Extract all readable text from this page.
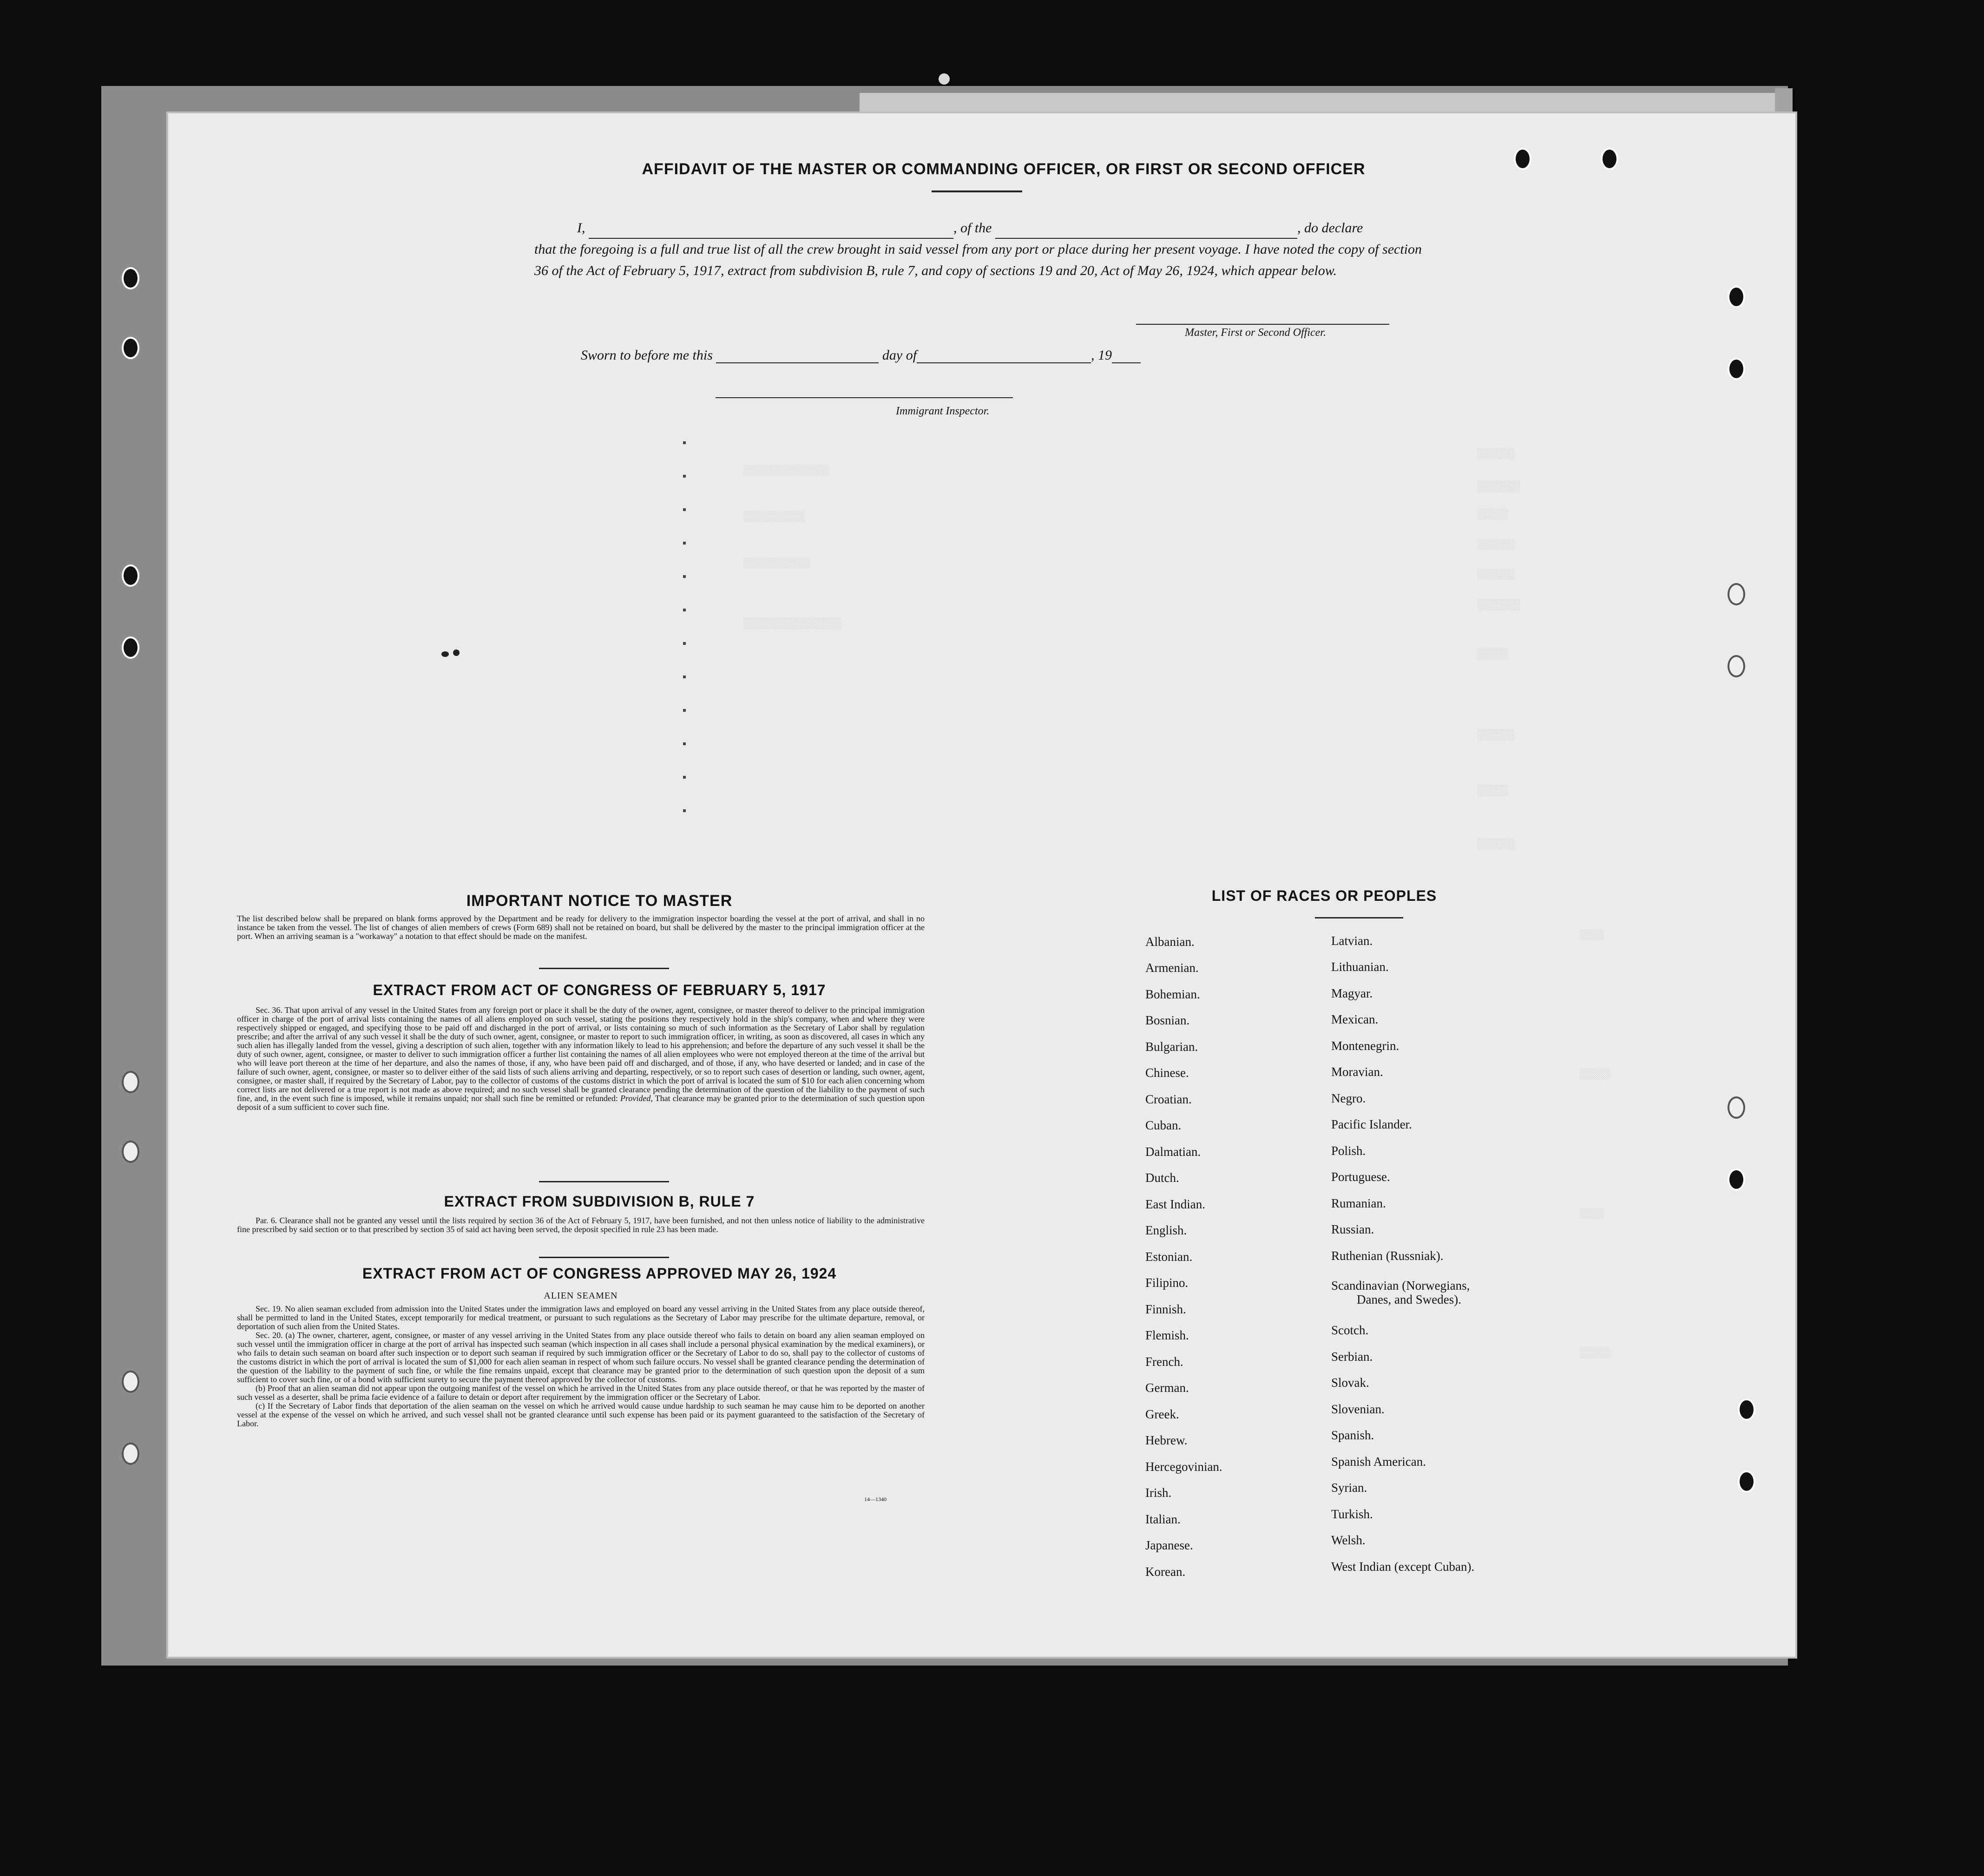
░░░░░░
░░░░░░░
░░░░░
░░░░░░
░░░░░░
░░░░░░░
░░░░░
░░░░░░
░░░░░
░░░░░░
░░░░░░░░░░░░░░
░░░░░░░░░░
░░░░░░░░░░░
░░░░░░░░░░░░░░░░
░░░░
░░░░░
░░░░
░░░░░
AFFIDAVIT OF THE MASTER OR COMMANDING OFFICER, OR FIRST OR SECOND OFFICER
I,	, of the	, do declare
that the foregoing is a full and true list of all the crew brought in said vessel from any port or place during her present voyage. I have noted the copy of section 36 of the Act of February 5, 1917, extract from subdivision B, rule 7, and copy of sections 19 and 20, Act of May 26, 1924, which appear below.
Master, First or Second Officer.
Sworn to before me this	day of	, 19
Immigrant Inspector.
IMPORTANT NOTICE TO MASTER
The list described below shall be prepared on blank forms approved by the Department and be ready for delivery to the immigration inspector boarding the vessel at the port of arrival, and shall in no instance be taken from the vessel. The list of changes of alien members of crews (Form 689) shall not be retained on board, but shall be delivered by the master to the principal immigration officer at the port. When an arriving seaman is a "workaway" a notation to that effect should be made on the manifest.
EXTRACT FROM ACT OF CONGRESS OF FEBRUARY 5, 1917
Sec. 36. That upon arrival of any vessel in the United States from any foreign port or place it shall be the duty of the owner, agent, consignee, or master thereof to deliver to the principal immigration officer in charge of the port of arrival lists containing the names of all aliens employed on such vessel, stating the positions they respectively hold in the ship's company, when and where they were respectively shipped or engaged, and specifying those to be paid off and discharged in the port of arrival, or lists containing so much of such information as the Secretary of Labor shall by regulation prescribe; and after the arrival of any such vessel it shall be the duty of such owner, agent, consignee, or master to report to such immigration officer, in writing, as soon as discovered, all cases in which any such alien has illegally landed from the vessel, giving a description of such alien, together with any information likely to lead to his apprehension; and before the departure of any such vessel it shall be the duty of such owner, agent, consignee, or master to deliver to such immigration officer a further list containing the names of all alien employees who were not employed thereon at the time of the arrival but who will leave port thereon at the time of her departure, and also the names of those, if any, who have been paid off and discharged, and of those, if any, who have deserted or landed; and in case of the failure of such owner, agent, consignee, or master so to deliver either of the said lists of such aliens arriving and departing, respectively, or so to report such cases of desertion or landing, such owner, agent, consignee, or master shall, if required by the Secretary of Labor, pay to the collector of customs of the customs district in which the port of arrival is located the sum of $10 for each alien concerning whom correct lists are not delivered or a true report is not made as above required; and no such vessel shall be granted clearance pending the determination of the question of the liability to the payment of such fine, and, in the event such fine is imposed, while it remains unpaid; nor shall such fine be remitted or refunded: Provided, That clearance may be granted prior to the determination of such question upon deposit of a sum sufficient to cover such fine.
EXTRACT FROM SUBDIVISION B, RULE 7
Par. 6. Clearance shall not be granted any vessel until the lists required by section 36 of the Act of February 5, 1917, have been furnished, and not then unless notice of liability to the administrative fine prescribed by said section or to that prescribed by section 35 of said act having been served, the deposit specified in rule 23 has been made.
EXTRACT FROM ACT OF CONGRESS APPROVED MAY 26, 1924
ALIEN SEAMEN
Sec. 19. No alien seaman excluded from admission into the United States under the immigration laws and employed on board any vessel arriving in the United States from any place outside thereof, shall be permitted to land in the United States, except temporarily for medical treatment, or pursuant to such regulations as the Secretary of Labor may prescribe for the ultimate departure, removal, or deportation of such alien from the United States.
Sec. 20. (a) The owner, charterer, agent, consignee, or master of any vessel arriving in the United States from any place outside thereof who fails to detain on board any alien seaman employed on such vessel until the immigration officer in charge at the port of arrival has inspected such seaman (which inspection in all cases shall include a personal physical examination by the medical examiners), or who fails to detain such seaman on board after such inspection or to deport such seaman if required by such immigration officer or the Secretary of Labor to do so, shall pay to the collector of customs of the customs district in which the port of arrival is located the sum of $1,000 for each alien seaman in respect of whom such failure occurs. No vessel shall be granted clearance pending the determination of the question of the liability to the payment of such fine, or while the fine remains unpaid, except that clearance may be granted prior to the determination of such question upon the deposit of a sum sufficient to cover such fine, or of a bond with sufficient surety to secure the payment thereof approved by the collector of customs.
(b) Proof that an alien seaman did not appear upon the outgoing manifest of the vessel on which he arrived in the United States from any place outside thereof, or that he was reported by the master of such vessel as a deserter, shall be prima facie evidence of a failure to detain or deport after requirement by the immigration officer or the Secretary of Labor.
(c) If the Secretary of Labor finds that deportation of the alien seaman on the vessel on which he arrived would cause undue hardship to such seaman he may cause him to be deported on another vessel at the expense of the vessel on which he arrived, and such vessel shall not be granted clearance until such expense has been paid or its payment guaranteed to the satisfaction of the Secretary of Labor.
14—1340
LIST OF RACES OR PEOPLES
Albanian.
Armenian.
Bohemian.
Bosnian.
Bulgarian.
Chinese.
Croatian.
Cuban.
Dalmatian.
Dutch.
East Indian.
English.
Estonian.
Filipino.
Finnish.
Flemish.
French.
German.
Greek.
Hebrew.
Hercegovinian.
Irish.
Italian.
Japanese.
Korean.
Latvian.
Lithuanian.
Magyar.
Mexican.
Montenegrin.
Moravian.
Negro.
Pacific Islander.
Polish.
Portuguese.
Rumanian.
Russian.
Ruthenian (Russniak).
Scandinavian (Norwegians,
Danes, and Swedes).
Scotch.
Serbian.
Slovak.
Slovenian.
Spanish.
Spanish American.
Syrian.
Turkish.
Welsh.
West Indian (except Cuban).
